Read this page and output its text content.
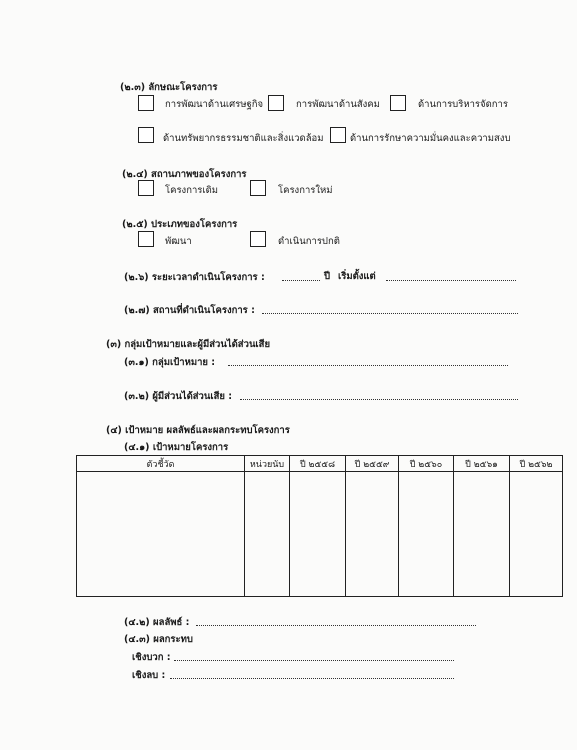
(๒.๓) ลักษณะโครงการ
การพัฒนาด้านเศรษฐกิจ	การพัฒนาด้านสังคม	ด้านการบริหารจัดการ
ด้านทรัพยากรธรรมชาติและสิ่งแวดล้อม	ด้านการรักษาความมั่นคงและความสงบ
(๒.๔) สถานภาพของโครงการ
โครงการเดิม	โครงการใหม่
(๒.๕) ประเภทของโครงการ
พัฒนา	ดำเนินการปกติ
(๒.๖) ระยะเวลาดำเนินโครงการ :	ปี เริ่มตั้งแต่
(๒.๗) สถานที่ดำเนินโครงการ :
(๓) กลุ่มเป้าหมายและผู้มีส่วนได้ส่วนเสีย
(๓.๑) กลุ่มเป้าหมาย :
(๓.๒) ผู้มีส่วนได้ส่วนเสีย :
(๔) เป้าหมาย ผลลัพธ์และผลกระทบโครงการ
(๔.๑) เป้าหมายโครงการ
ตัวชี้วัด	หน่วยนับ	ปี ๒๕๕๘	ปี ๒๕๕๙	ปี ๒๕๖๐	ปี ๒๕๖๑	ปี ๒๕๖๒

(๔.๒) ผลลัพธ์ :
(๔.๓) ผลกระทบ
เชิงบวก :
เชิงลบ :
